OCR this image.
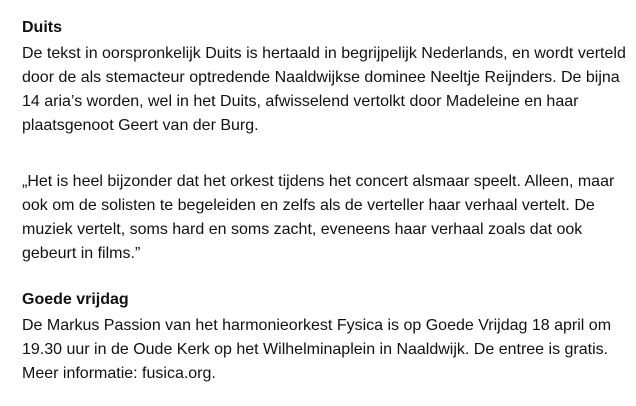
Duits

De tekst in oorspronkelijk Duits is hertaald in begrijpelijk Nederlands, en wordt verteld door de als stemacteur optredende Naaldwijkse dominee Neeltje Reijnders. De bijna 14 aria’s worden, wel in het Duits, afwisselend vertolkt door Madeleine en haar plaatsgenoot Geert van der Burg.

„Het is heel bijzonder dat het orkest tijdens het concert alsmaar speelt. Alleen, maar ook om de solisten te begeleiden en zelfs als de verteller haar verhaal vertelt. De muziek vertelt, soms hard en soms zacht, eveneens haar verhaal zoals dat ook gebeurt in films.”

Goede vrijdag

De Markus Passion van het harmonieorkest Fysica is op Goede Vrijdag 18 april om 19.30 uur in de Oude Kerk op het Wilhelminaplein in Naaldwijk. De entree is gratis. Meer informatie: fusica.org.
